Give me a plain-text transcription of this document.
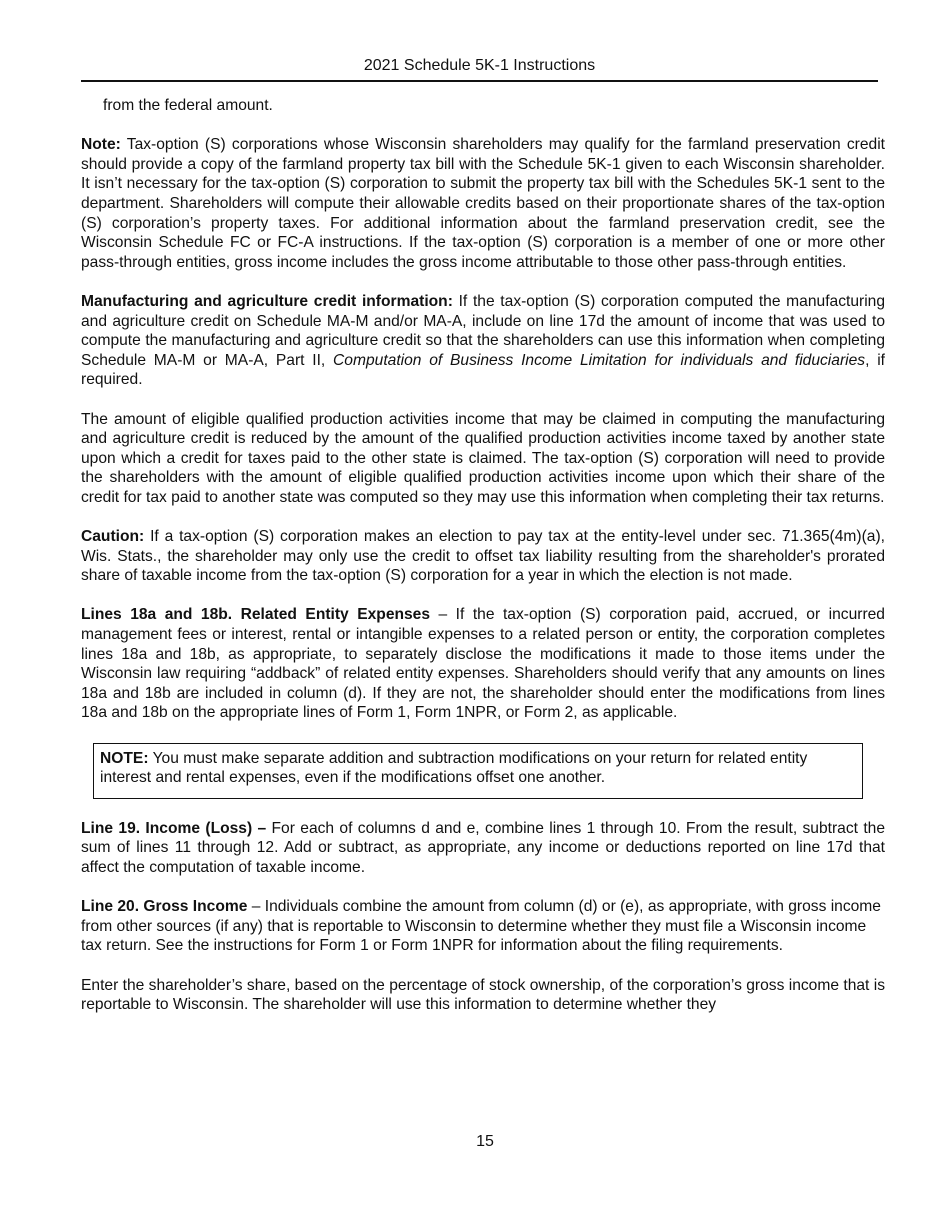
2021 Schedule 5K-1 Instructions

from the federal amount.

Note: Tax-option (S) corporations whose Wisconsin shareholders may qualify for the farmland preservation credit should provide a copy of the farmland property tax bill with the Schedule 5K-1 given to each Wisconsin shareholder. It isn’t necessary for the tax-option (S) corporation to submit the property tax bill with the Schedules 5K-1 sent to the department. Shareholders will compute their allowable credits based on their proportionate shares of the tax-option (S) corporation’s property taxes. For additional information about the farmland preservation credit, see the Wisconsin Schedule FC or FC-A instructions. If the tax-option (S) corporation is a member of one or more other pass-through entities, gross income includes the gross income attributable to those other pass-through entities.

Manufacturing and agriculture credit information: If the tax-option (S) corporation computed the manufacturing and agriculture credit on Schedule MA-M and/or MA-A, include on line 17d the amount of income that was used to compute the manufacturing and agriculture credit so that the shareholders can use this information when completing Schedule MA-M or MA-A, Part II, Computation of Business Income Limitation for individuals and fiduciaries, if required.

The amount of eligible qualified production activities income that may be claimed in computing the manufacturing and agriculture credit is reduced by the amount of the qualified production activities income taxed by another state upon which a credit for taxes paid to the other state is claimed. The tax-option (S) corporation will need to provide the shareholders with the amount of eligible qualified production activities income upon which their share of the credit for tax paid to another state was computed so they may use this information when completing their tax returns.

Caution: If a tax-option (S) corporation makes an election to pay tax at the entity-level under sec. 71.365(4m)(a), Wis. Stats., the shareholder may only use the credit to offset tax liability resulting from the shareholder's prorated share of taxable income from the tax-option (S) corporation for a year in which the election is not made.

Lines 18a and 18b. Related Entity Expenses – If the tax-option (S) corporation paid, accrued, or incurred management fees or interest, rental or intangible expenses to a related person or entity, the corporation completes lines 18a and 18b, as appropriate, to separately disclose the modifications it made to those items under the Wisconsin law requiring “addback” of related entity expenses. Shareholders should verify that any amounts on lines 18a and 18b are included in column (d). If they are not, the shareholder should enter the modifications from lines 18a and 18b on the appropriate lines of Form 1, Form 1NPR, or Form 2, as applicable.

NOTE: You must make separate addition and subtraction modifications on your return for related entity interest and rental expenses, even if the modifications offset one another.

Line 19. Income (Loss) – For each of columns d and e, combine lines 1 through 10. From the result, subtract the sum of lines 11 through 12. Add or subtract, as appropriate, any income or deductions reported on line 17d that affect the computation of taxable income.

Line 20. Gross Income – Individuals combine the amount from column (d) or (e), as appropriate, with gross income from other sources (if any) that is reportable to Wisconsin to determine whether they must file a Wisconsin income tax return. See the instructions for Form 1 or Form 1NPR for information about the filing requirements.

Enter the shareholder’s share, based on the percentage of stock ownership, of the corporation’s gross income that is reportable to Wisconsin. The shareholder will use this information to determine whether they

15
